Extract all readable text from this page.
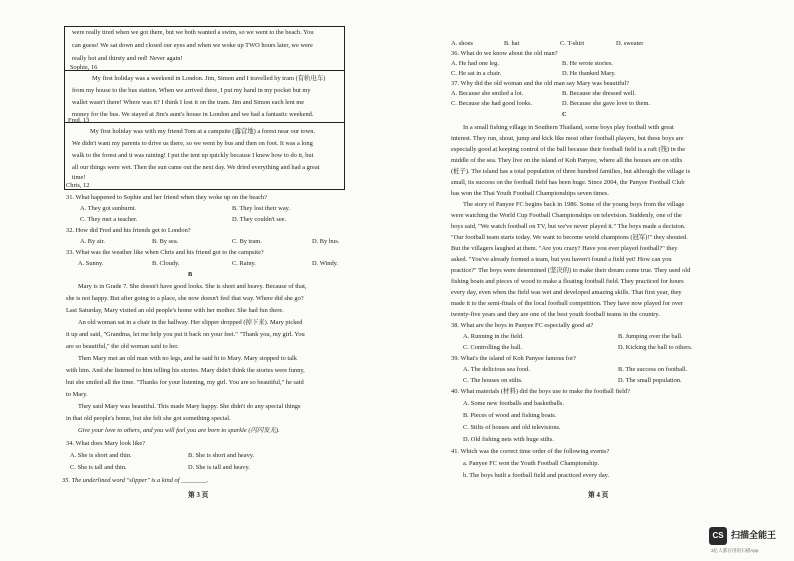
were really tired when we got there, but we both wanted a swim, so we went to the beach. You
can guess! We sat down and closed our eyes and when we woke up TWO hours later, we were
really hot and thirsty and red! Never again!
Sophie, 16
My first holiday was a weekend in London. Jim, Simon and I travelled by tram (有轨电车)
from my house to the bus station. When we arrived there, I put my hand in my pocket but my
wallet wasn't there! Where was it? I think I lost it on the tram. Jim and Simon each lent me
money for the bus. We stayed at Jim's aunt's house in London and we had a fantastic weekend.
Fred, 13
My first holiday was with my friend Tom at a campsite (露营地) a forest near our town.
We didn't want my parents to drive us there, so we went by bus and then on foot. It was a long
walk to the forest and it was raining! I put the tent up quickly because I knew how to do it, but
all our things were wet. Then the sun came out the next day. We dried everything and had a great
time!
Chris, 12
31. What happened to Sophie and her friend when they woke up on the beach?
A. They got sunburnt.	B. They lost their way.
C. They met a teacher.	D. They couldn't see.
32. How did Fred and his friends get to London?
A. By air.	B. By sea.	C. By tram.	D. By bus.
33. What was the weather like when Chris and his friend got to the campsite?
A. Sunny.	B. Cloudy.	C. Rainy.	D. Windy.
B
Mary is in Grade 7. She doesn't have good looks. She is short and heavy. Because of that,
she is not happy. But after going to a place, she now doesn't feel that way. Where did she go?
Last Saturday, Mary visited an old people's home with her mother. She had fun there.
An old woman sat in a chair in the hallway. Her slipper dropped (掉下来). Mary picked
it up and said, "Grandma, let me help you put it back on your feet." "Thank you, my girl. You
are so beautiful," the old woman said to her.
Then Mary met an old man with no legs, and he said hi to Mary. Mary stopped to talk
with him. And she listened to him telling his stories. Mary didn't think the stories were funny,
but she smiled all the time. "Thanks for your listening, my girl. You are so beautiful," he said
to Mary.
They said Mary was beautiful. This made Mary happy. She didn't do any special things
in that old people's home, but she felt she got something special.
Give your love to others, and you will feel you are born to sparkle (闪闪发光).
34. What does Mary look like?
A. She is short and thin.	B. She is short and heavy.
C. She is tall and thin.	D. She is tall and heavy.
35. The underlined word "slipper" is a kind of ________.
第 3 页
A. shoes	B. hat	C. T-shirt	D. sweater
36. What do we know about the old man?
A. He had one leg.	B. He wrote stories.
C. He sat in a chair.	D. He thanked Mary.
37. Why did the old woman and the old man say Mary was beautiful?
A. Because she smiled a lot.	B. Because she dressed well.
C. Because she had good looks.	D. Because she gave love to them.
C
In a small fishing village in Southern Thailand, some boys play football with great
interest. They run, shout, jump and kick like most other football players, but these boys are
especially good at keeping control of the ball because their football field is a raft (筏) in the
middle of the sea. They live on the island of Koh Panyee, where all the houses are on stilts
(桩子). The island has a total population of three hundred families, but although the village is
small, its success on the football field has been huge. Since 2004, the Panyee Football Club
has won the Thai Youth Football Championships seven times.
The story of Panyee FC begins back in 1986. Some of the young boys from the village
were watching the World Cup Football Championships on television. Suddenly, one of the
boys said, "We watch football on TV, but we've never played it." The boys made a decision.
"Our football team starts today. We want to become world champions (冠军)!" they shouted.
But the villagers laughed at them. "Are you crazy? Have you ever played football?" they
asked. "You've already formed a team, but you haven't found a field yet! How can you
practice?" The boys were determined (坚决的) to make their dream come true. They used old
fishing boats and pieces of wood to make a floating football field. They practiced for hours
every day, even when the field was wet and developed amazing skills. That first year, they
made it to the semi-finals of the local football competition. They have now played for over
twenty-five years and they are one of the best youth football teams in the country.
38. What are the boys in Panyee FC especially good at?
A. Running in the field.	B. Jumping over the ball.
C. Controlling the ball.	D. Kicking the ball to others.
39. What's the island of Koh Panyee famous for?
A. The delicious sea food.	B. The success on football.
C. The houses on stilts.	D. The small population.
40. What materials (材料) did the boys use to make the football field?
A. Some new footballs and basketballs.
B. Pieces of wood and fishing boats.
C. Stilts of houses and old televisions.
D. Old fishing nets with huge stilts.
41. Which was the correct time order of the following events?
a. Panyee FC won the Youth Football Championship.
b. The boys built a football field and practiced every day.
第 4 页
CS 扫描全能王
3亿人都在用的扫描App
